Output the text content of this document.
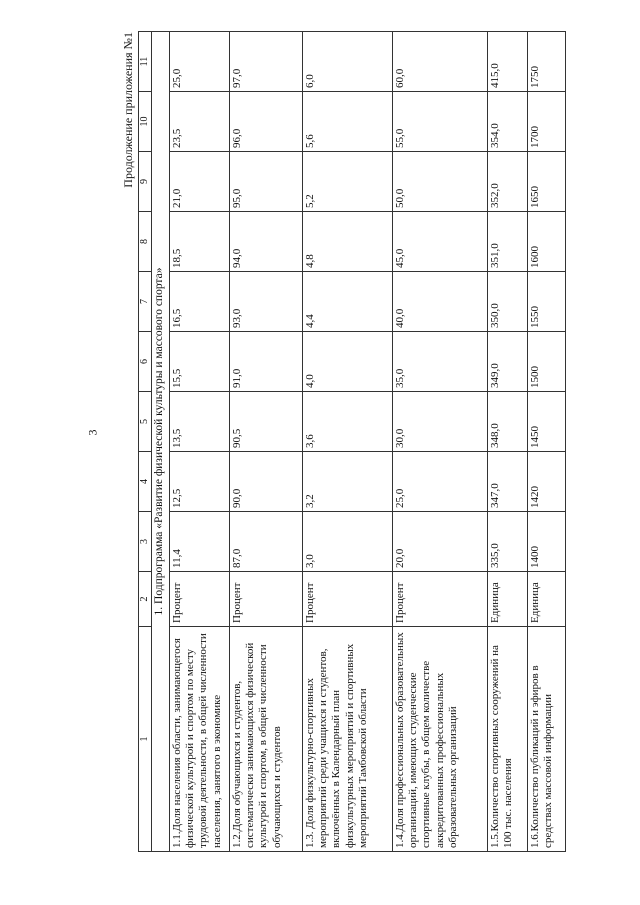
3
Продолжение приложения №1
1	2	3	4	5	6	7	8	9	10	11
1. Подпрограмма «Развитие физической культуры и массового спорта»										
1.1.Доля населения области, занимающегося физической культурой и спортом по месту трудовой деятельности, в общей численности населения, занятого в экономике	Процент	11,4	12,5	13,5	15,5	16,5	18,5	21,0	23,5	25,0
1.2.Доля обучающихся и студентов, систематически занимающихся физической культурой и спортом, в общей численности обучающихся и студентов	Процент	87,0	90,0	90,5	91,0	93,0	94,0	95,0	96,0	97,0
1.3. Доля физкультурно-спортивных мероприятий среди учащихся и студентов, включённых в Календарный план физкультурных мероприятий и спортивных мероприятий Тамбовской области	Процент	3,0	3,2	3,6	4,0	4,4	4,8	5,2	5,6	6,0
1.4.Доля профессиональных образовательных организаций, имеющих студенческие спортивные клубы, в общем количестве аккредитованных профессиональных образовательных организаций	Процент	20,0	25,0	30,0	35,0	40,0	45,0	50,0	55,0	60,0
1.5.Количество спортивных сооружений на 100 тыс. населения	Единица	335,0	347,0	348,0	349,0	350,0	351,0	352,0	354,0	415,0
1.6.Количество публикаций и эфиров в средствах массовой информации	Единица	1400	1420	1450	1500	1550	1600	1650	1700	1750
